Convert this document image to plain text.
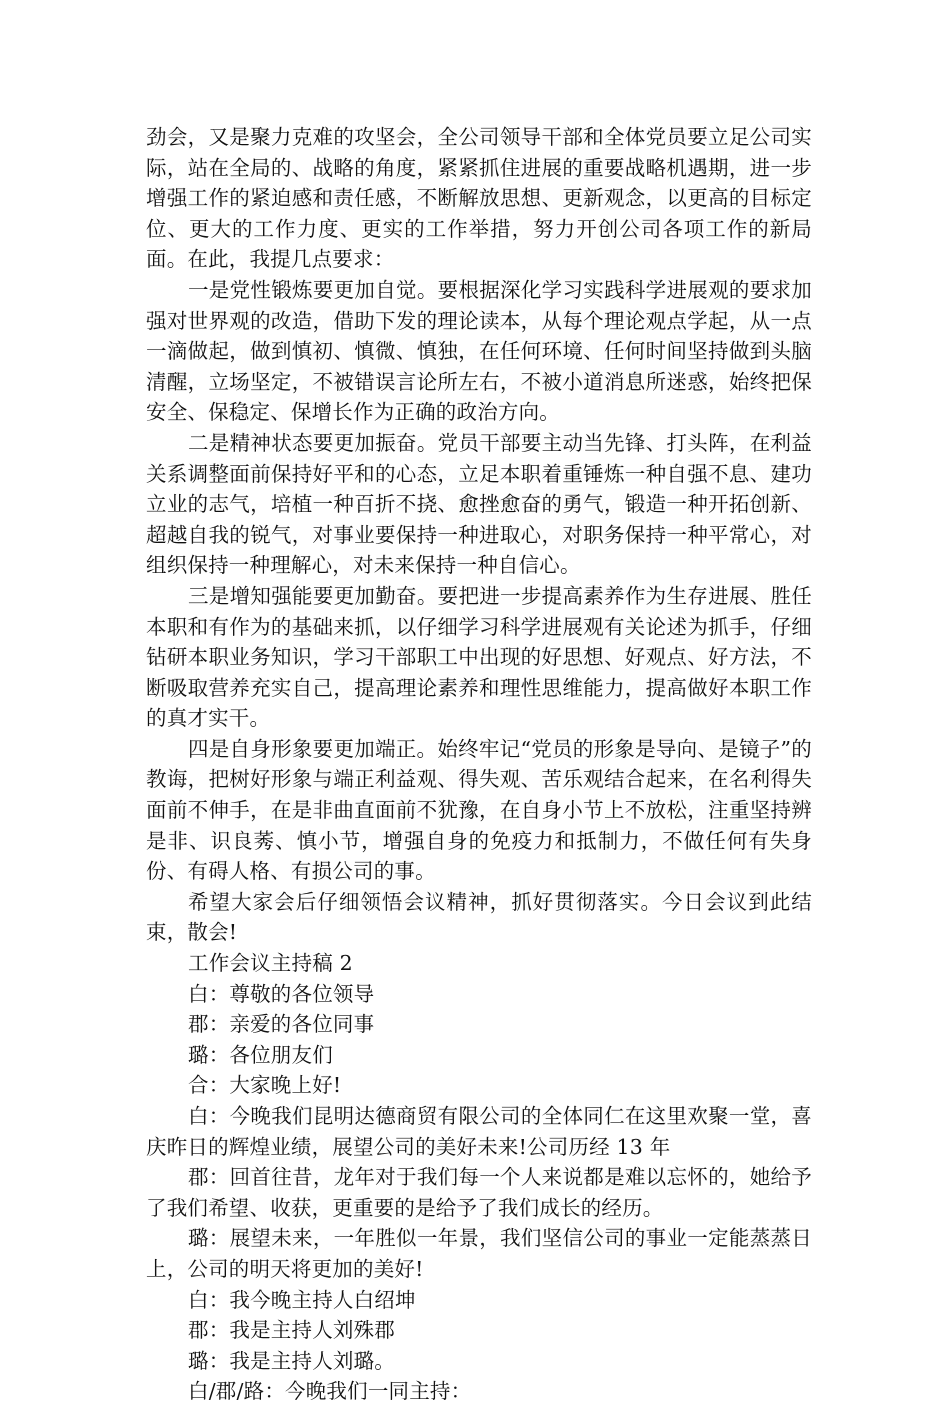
劲会，又是聚力克难的攻坚会，全公司领导干部和全体党员要立足公司实际，站在全局的、战略的角度，紧紧抓住进展的重要战略机遇期，进一步增强工作的紧迫感和责任感，不断解放思想、更新观念，以更高的目标定位、更大的工作力度、更实的工作举措，努力开创公司各项工作的新局面。在此，我提几点要求：

一是党性锻炼要更加自觉。要根据深化学习实践科学进展观的要求加强对世界观的改造，借助下发的理论读本，从每个理论观点学起，从一点一滴做起，做到慎初、慎微、慎独，在任何环境、任何时间坚持做到头脑清醒，立场坚定，不被错误言论所左右，不被小道消息所迷惑，始终把保安全、保稳定、保增长作为正确的政治方向。

二是精神状态要更加振奋。党员干部要主动当先锋、打头阵，在利益关系调整面前保持好平和的心态，立足本职着重锤炼一种自强不息、建功立业的志气，培植一种百折不挠、愈挫愈奋的勇气，锻造一种开拓创新、超越自我的锐气，对事业要保持一种进取心，对职务保持一种平常心，对组织保持一种理解心，对未来保持一种自信心。

三是增知强能要更加勤奋。要把进一步提高素养作为生存进展、胜任本职和有作为的基础来抓，以仔细学习科学进展观有关论述为抓手，仔细钻研本职业务知识，学习干部职工中出现的好思想、好观点、好方法，不断吸取营养充实自己，提高理论素养和理性思维能力，提高做好本职工作的真才实干。

四是自身形象要更加端正。始终牢记“党员的形象是导向、是镜子”的教诲，把树好形象与端正利益观、得失观、苦乐观结合起来，在名利得失面前不伸手，在是非曲直面前不犹豫，在自身小节上不放松，注重坚持辨是非、识良莠、慎小节，增强自身的免疫力和抵制力，不做任何有失身份、有碍人格、有损公司的事。

希望大家会后仔细领悟会议精神，抓好贯彻落实。今日会议到此结束，散会!

工作会议主持稿 2

白：尊敬的各位领导

郡：亲爱的各位同事

璐：各位朋友们

合：大家晚上好!

白：今晚我们昆明达德商贸有限公司的全体同仁在这里欢聚一堂，喜庆昨日的辉煌业绩，展望公司的美好未来!公司历经 13 年

郡：回首往昔，龙年对于我们每一个人来说都是难以忘怀的，她给予了我们希望、收获，更重要的是给予了我们成长的经历。

璐：展望未来，一年胜似一年景，我们坚信公司的事业一定能蒸蒸日上，公司的明天将更加的美好!

白：我今晚主持人白绍坤

郡：我是主持人刘殊郡

璐：我是主持人刘璐。

白/郡/路：今晚我们一同主持：
